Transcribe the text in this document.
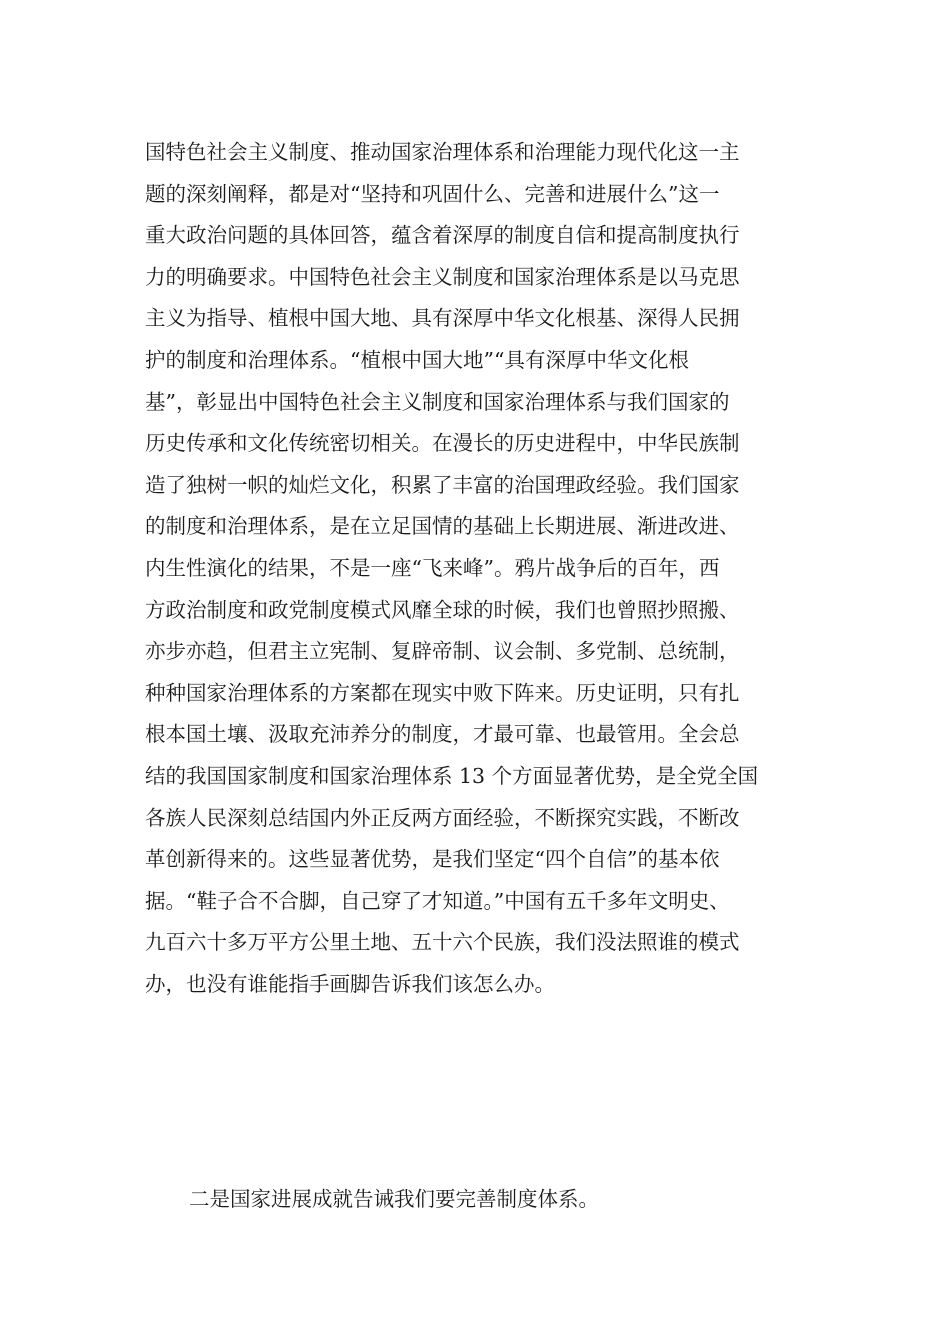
国特色社会主义制度、推动国家治理体系和治理能力现代化这一主
题的深刻阐释，都是对“坚持和巩固什么、完善和进展什么”这一
重大政治问题的具体回答，蕴含着深厚的制度自信和提高制度执行
力的明确要求。中国特色社会主义制度和国家治理体系是以马克思
主义为指导、植根中国大地、具有深厚中华文化根基、深得人民拥
护的制度和治理体系。“植根中国大地”“具有深厚中华文化根
基”，彰显出中国特色社会主义制度和国家治理体系与我们国家的
历史传承和文化传统密切相关。在漫长的历史进程中，中华民族制
造了独树一帜的灿烂文化，积累了丰富的治国理政经验。我们国家
的制度和治理体系，是在立足国情的基础上长期进展、渐进改进、
内生性演化的结果，不是一座“飞来峰”。鸦片战争后的百年，西
方政治制度和政党制度模式风靡全球的时候，我们也曾照抄照搬、
亦步亦趋，但君主立宪制、复辟帝制、议会制、多党制、总统制，
种种国家治理体系的方案都在现实中败下阵来。历史证明，只有扎
根本国土壤、汲取充沛养分的制度，才最可靠、也最管用。全会总
结的我国国家制度和国家治理体系 13 个方面显著优势，是全党全国
各族人民深刻总结国内外正反两方面经验，不断探究实践，不断改
革创新得来的。这些显著优势，是我们坚定“四个自信”的基本依
据。“鞋子合不合脚，自己穿了才知道。”中国有五千多年文明史、
九百六十多万平方公里土地、五十六个民族，我们没法照谁的模式
办，也没有谁能指手画脚告诉我们该怎么办。

二是国家进展成就告诫我们要完善制度体系。
